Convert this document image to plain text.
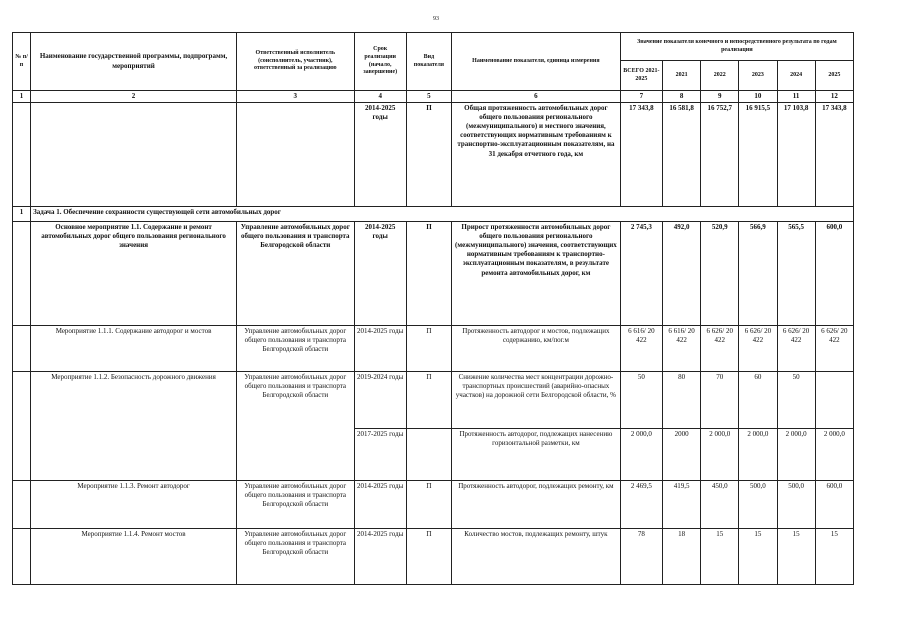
93
№ п/п	Наименование государственной программы, подпрограмм, мероприятий	Ответственный исполнитель (соисполнитель, участник), ответственный за реализацию	Срок реализации (начало, завершение)	Вид показателя	Наименование показателя, единица измерения	Значение показателя конечного и непосредственного результата по годам реализации					
						ВСЕГО 2021-2025	2021	2022	2023	2024	2025
1	2	3	4	5	6	7	8	9	10	11	12
			2014-2025 годы	П	Общая протяженность автомобильных дорог общего пользования регионального (межмуниципального) и местного значения, соответствующих нормативным требованиям к транспортно-эксплуатационным показателям, на 31 декабря отчетного года, км	17 343,8	16 581,8	16 752,7	16 915,5	17 103,8	17 343,8
1	Задача 1. Обеспечение сохранности существующей сети автомобильных дорог										
	Основное мероприятие 1.1. Содержание и ремонт автомобильных дорог общего пользования регионального значения	Управление автомобильных дорог общего пользования и транспорта Белгородской области	2014-2025 годы	П	Прирост протяженности автомобильных дорог общего пользования регионального (межмуниципального) значения, соответствующих нормативным требованиям к транспортно-эксплуатационным показателям, в результате ремонта автомобильных дорог, км	2 745,3	492,0	520,9	566,9	565,5	600,0
	Мероприятие 1.1.1. Содержание автодорог и мостов	Управление автомобильных дорог общего пользования и транспорта Белгородской области	2014-2025 годы	П	Протяженность автодорог и мостов, подлежащих содержанию, км/пог.м	6 616/ 20 422	6 616/ 20 422	6 626/ 20 422	6 626/ 20 422	6 626/ 20 422	6 626/ 20 422
	Мероприятие 1.1.2. Безопасность дорожного движения	Управление автомобильных дорог общего пользования и транспорта Белгородской области	2019-2024 годы	П	Снижение количества мест концентрации дорожно-транспортных происшествий (аварийно-опасных участков) на дорожной сети Белгородской области, %	50	80	70	60	50	
			2017-2025 годы		Протяженность автодорог, подлежащих нанесению горизонтальной разметки, км	2 000,0	2000	2 000,0	2 000,0	2 000,0	2 000,0
	Мероприятие 1.1.3. Ремонт автодорог	Управление автомобильных дорог общего пользования и транспорта Белгородской области	2014-2025 годы	П	Протяженность автодорог, подлежащих ремонту, км	2 469,5	419,5	450,0	500,0	500,0	600,0
	Мероприятие 1.1.4. Ремонт мостов	Управление автомобильных дорог общего пользования и транспорта Белгородской области	2014-2025 годы	П	Количество мостов, подлежащих ремонту, штук	78	18	15	15	15	15
